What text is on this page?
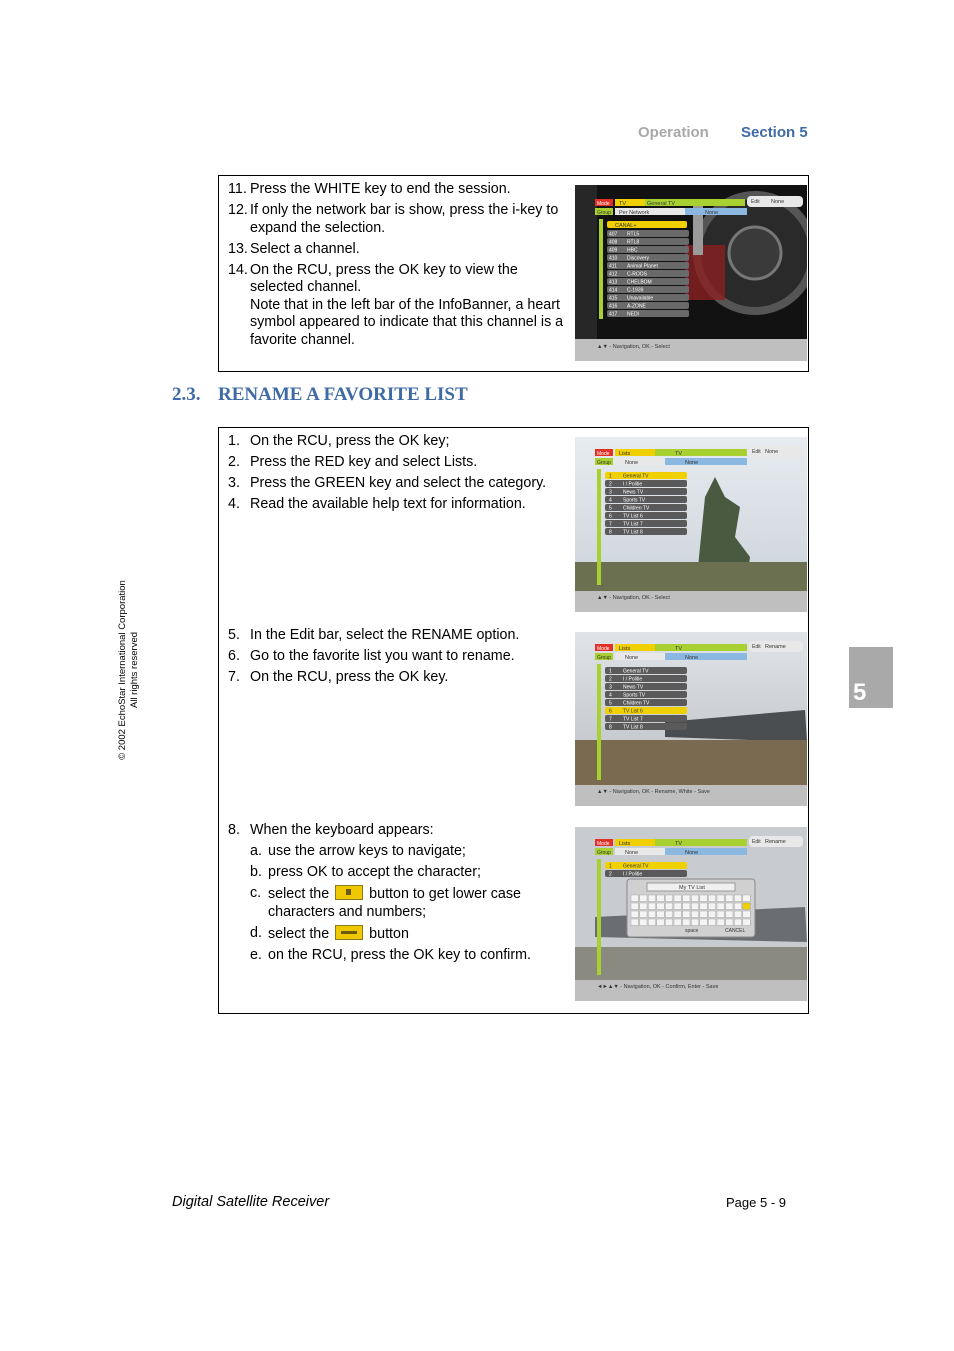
Operation Section 5
11. Press the WHITE key to end the session.
12. If only the network bar is show, press the i-key to expand the selection.
13. Select a channel.
14. On the RCU, press the OK key to view the selected channel.
Note that in the left bar of the InfoBanner, a heart symbol appeared to indicate that this channel is a favorite channel.
General TV
Mode TV	Edit None
Group Per Network	None
CANAL+
407 RTL5
408 RTL8
409 HBC
410 Discovery
411 Animal Planet
412 C-ROOS
413 CHELBOM
414 C-1939
415 Unavailable
416 A-ZONE
417 NEDI
▲▼ - Navigation, OK - Select
2.3. RENAME A FAVORITE LIST
1. On the RCU, press the OK key;
2. Press the RED key and select Lists.
3. Press the GREEN key and select the category.
4. Read the available help text for information.
5. In the Edit bar, select the RENAME option.
6. Go to the favorite list you want to rename.
7. On the RCU, press the OK key.
8. When the keyboard appears:
a. use the arrow keys to navigate;
b. press OK to accept the character;
c. select the	button to get lower case characters and numbers;
d. select the	button
e. on the RCU, press the OK key to confirm.
Mode Lists	TV	Edit None
Group	None	None
1 General TV
2 I / Politie
3 News TV
4 Sports TV
5 Children TV
6 TV List 6
7 TV List 7
8 TV List 8
▲▼ - Navigation, OK - Select
Mode Lists	TV	Edit Rename
Group	None	None
1 General TV
2 I / Politie
3 News TV
4 Sports TV
5 Children TV
6 TV List 6
7 TV List 7
8 TV List 8
▲▼ - Navigation, OK - Rename, White - Save
Mode Lists	TV	Edit Rename
Group	None	None
1 General TV
2 I / Politie
My TV List
space	CANCEL
◄►▲▼ - Navigation, OK - Confirm, Enter - Save
© 2002 EchoStar International Corporation All rights reserved	5
Digital Satellite Receiver	Page 5 - 9
